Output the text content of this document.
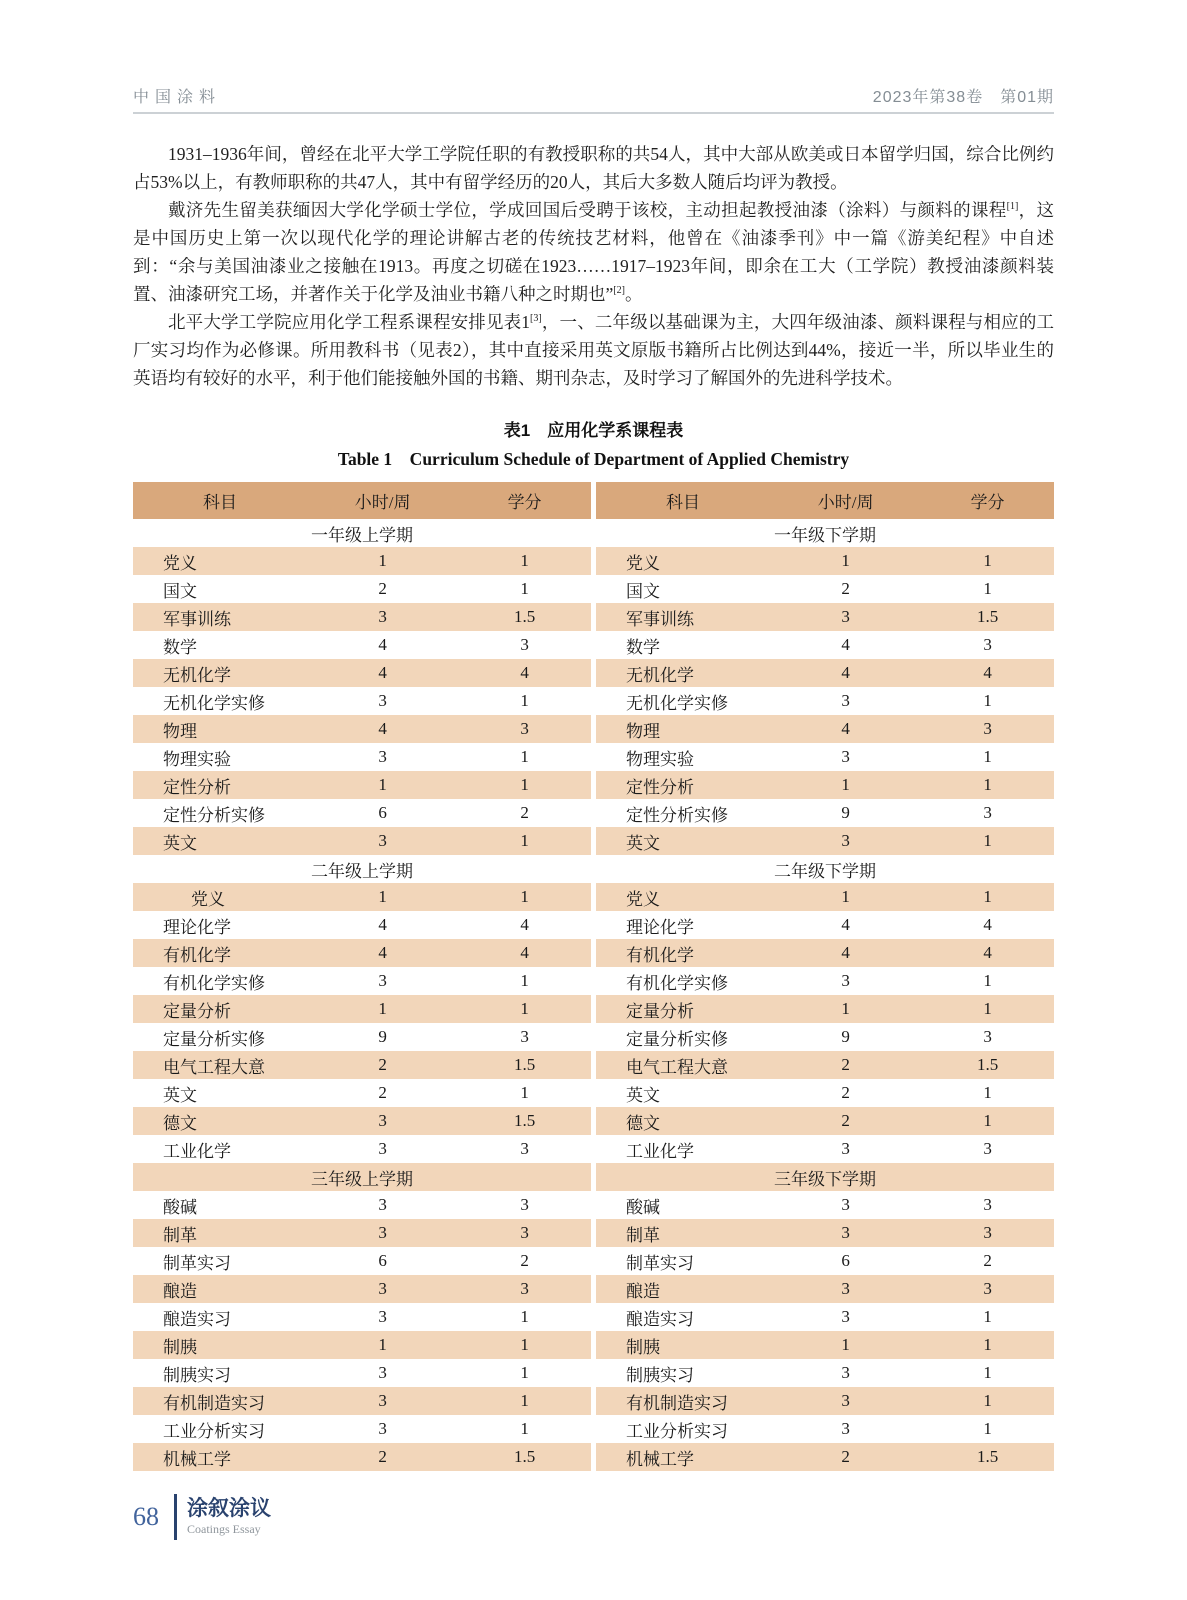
中国涂料	2023年第38卷　第01期

1931–1936年间，曾经在北平大学工学院任职的有教授职称的共54人，其中大部从欧美或日本留学归国，综合比例约占53%以上，有教师职称的共47人，其中有留学经历的20人，其后大多数人随后均评为教授。

戴济先生留美获缅因大学化学硕士学位，学成回国后受聘于该校，主动担起教授油漆（涂料）与颜料的课程[1]，这是中国历史上第一次以现代化学的理论讲解古老的传统技艺材料，他曾在《油漆季刊》中一篇《游美纪程》中自述到：“余与美国油漆业之接触在1913。再度之切磋在1923……1917–1923年间，即余在工大（工学院）教授油漆颜料装置、油漆研究工场，并著作关于化学及油业书籍八种之时期也”[2]。

北平大学工学院应用化学工程系课程安排见表1[3]，一、二年级以基础课为主，大四年级油漆、颜料课程与相应的工厂实习均作为必修课。所用教科书（见表2），其中直接采用英文原版书籍所占比例达到44%，接近一半，所以毕业生的英语均有较好的水平，利于他们能接触外国的书籍、期刊杂志，及时学习了解国外的先进科学技术。

表1　应用化学系课程表
Table 1　Curriculum Schedule of Department of Applied Chemistry
科目	小时/周	学分	科目	小时/周	学分
一年级上学期	一年级下学期
党义	1	1	党义	1	1
国文	2	1	国文	2	1
军事训练	3	1.5	军事训练	3	1.5
数学	4	3	数学	4	3
无机化学	4	4	无机化学	4	4
无机化学实修	3	1	无机化学实修	3	1
物理	4	3	物理	4	3
物理实验	3	1	物理实验	3	1
定性分析	1	1	定性分析	1	1
定性分析实修	6	2	定性分析实修	9	3
英文	3	1	英文	3	1
二年级上学期	二年级下学期
党义	1	1	党义	1	1
理论化学	4	4	理论化学	4	4
有机化学	4	4	有机化学	4	4
有机化学实修	3	1	有机化学实修	3	1
定量分析	1	1	定量分析	1	1
定量分析实修	9	3	定量分析实修	9	3
电气工程大意	2	1.5	电气工程大意	2	1.5
英文	2	1	英文	2	1
德文	3	1.5	德文	2	1
工业化学	3	3	工业化学	3	3
三年级上学期	三年级下学期
酸碱	3	3	酸碱	3	3
制革	3	3	制革	3	3
制革实习	6	2	制革实习	6	2
酿造	3	3	酿造	3	3
酿造实习	3	1	酿造实习	3	1
制胰	1	1	制胰	1	1
制胰实习	3	1	制胰实习	3	1
有机制造实习	3	1	有机制造实习	3	1
工业分析实习	3	1	工业分析实习	3	1
机械工学	2	1.5	机械工学	2	1.5
68 涂叙涂议
Coatings Essay
